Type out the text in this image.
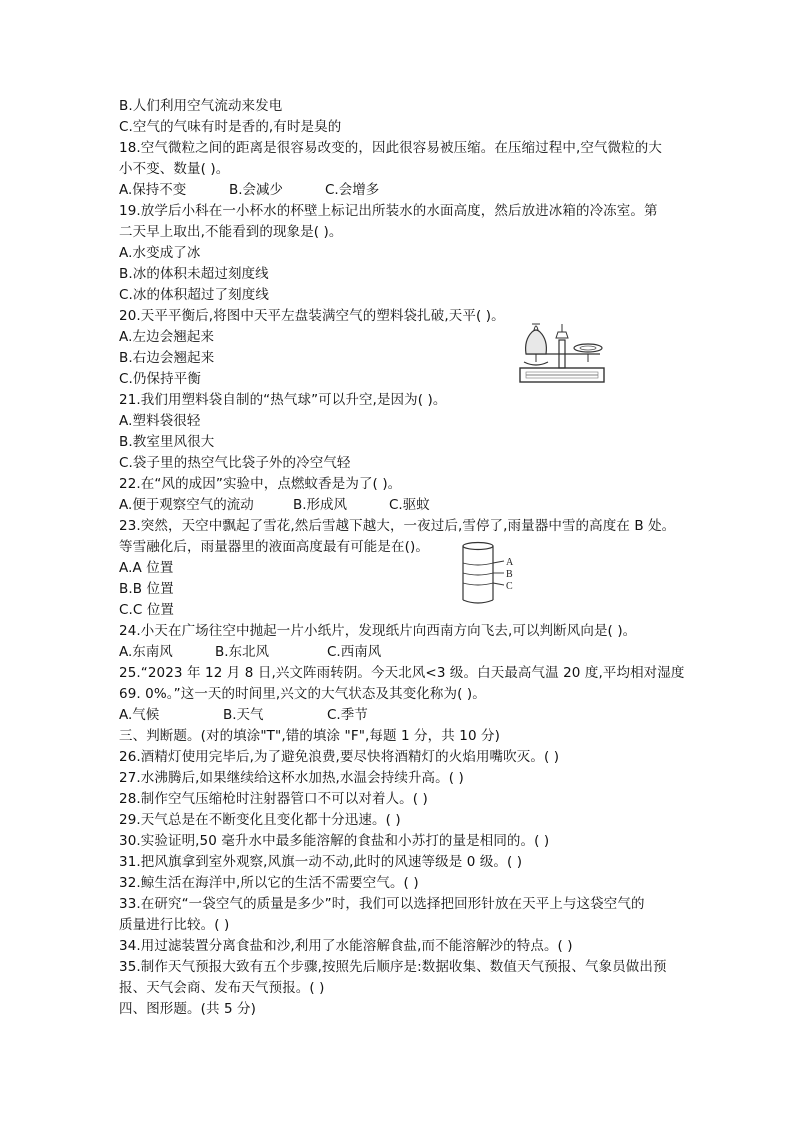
B.人们利用空气流动来发电
C.空气的气味有时是香的,有时是臭的
18.空气微粒之间的距离是很容易改变的，因此很容易被压缩。在压缩过程中,空气微粒的大
小不变、数量( )。
A.保持不变	B.会减少	C.会增多
19.放学后小科在一小杯水的杯壁上标记出所装水的水面高度，然后放进冰箱的冷冻室。第
二天早上取出,不能看到的现象是( )。
A.水变成了冰
B.冰的体积未超过刻度线
C.冰的体积超过了刻度线
20.天平平衡后,将图中天平左盘装满空气的塑料袋扎破,天平( )。
A.左边会翘起来
B.右边会翘起来
C.仍保持平衡
21.我们用塑料袋自制的“热气球”可以升空,是因为( )。
A.塑料袋很轻
B.教室里风很大
C.袋子里的热空气比袋子外的冷空气轻
22.在“风的成因”实验中，点燃蚊香是为了( )。
A.便于观察空气的流动	B.形成风	C.驱蚊
23.突然，天空中飘起了雪花,然后雪越下越大，一夜过后,雪停了,雨量器中雪的高度在 B 处。
等雪融化后，雨量器里的液面高度最有可能是在()。
A.A 位置
B.B 位置
C.C 位置
A
B
C
24.小天在广场往空中抛起一片小纸片，发现纸片向西南方向飞去,可以判断风向是( )。
A.东南风	B.东北风	C.西南风
25.“2023 年 12 月 8 日,兴文阵雨转阴。今天北风<3 级。白天最高气温 20 度,平均相对湿度
69. 0%。”这一天的时间里,兴文的大气状态及其变化称为( )。
A.气候	B.天气	C.季节
三、判断题。(对的填涂"T",错的填涂 "F",每题 1 分，共 10 分)
26.酒精灯使用完毕后,为了避免浪费,要尽快将酒精灯的火焰用嘴吹灭。( )
27.水沸腾后,如果继续给这杯水加热,水温会持续升高。( )
28.制作空气压缩枪时注射器管口不可以对着人。( )
29.天气总是在不断变化且变化都十分迅速。( )
30.实验证明,50 毫升水中最多能溶解的食盐和小苏打的量是相同的。( )
31.把风旗拿到室外观察,风旗一动不动,此时的风速等级是 0 级。( )
32.鲸生活在海洋中,所以它的生活不需要空气。( )
33.在研究“一袋空气的质量是多少”时，我们可以选择把回形针放在天平上与这袋空气的
质量进行比较。( )
34.用过滤装置分离食盐和沙,利用了水能溶解食盐,而不能溶解沙的特点。( )
35.制作天气预报大致有五个步骤,按照先后顺序是:数据收集、数值天气预报、气象员做出预
报、天气会商、发布天气预报。( )
四、图形题。(共 5 分)
